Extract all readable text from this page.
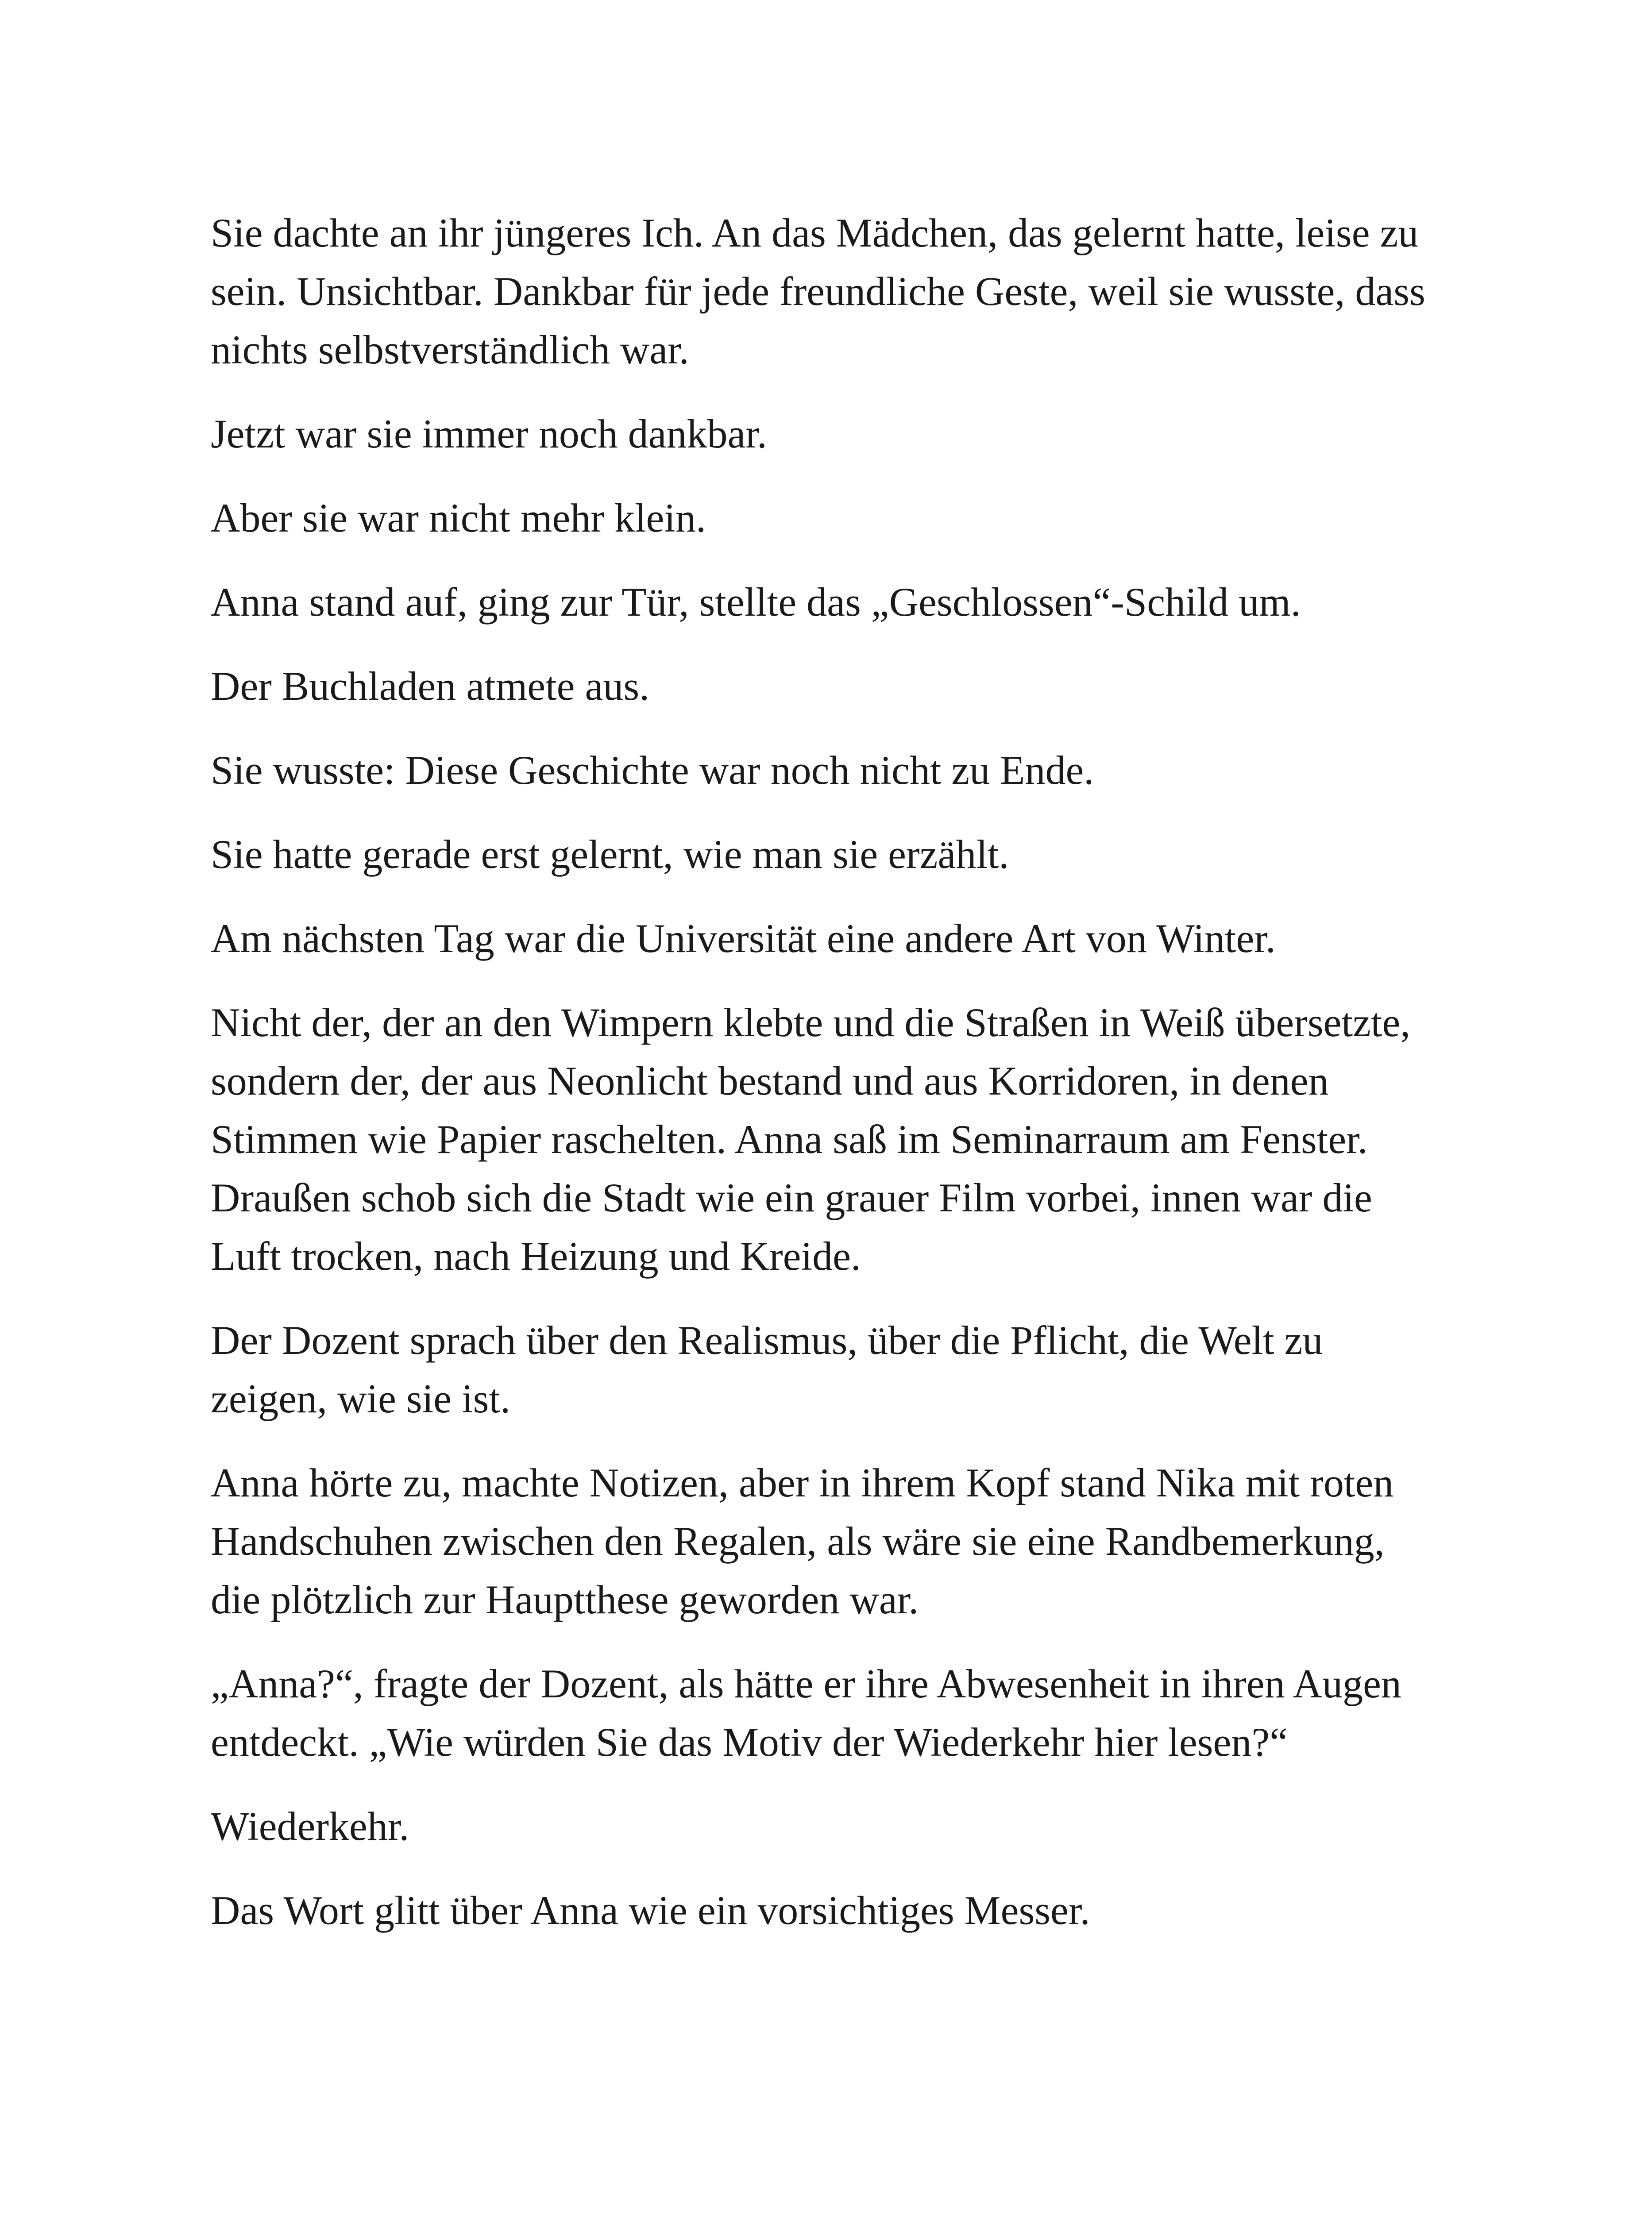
Sie dachte an ihr jüngeres Ich. An das Mädchen, das gelernt hatte, leise zu sein. Unsichtbar. Dankbar für jede freundliche Geste, weil sie wusste, dass nichts selbstverständlich war.

Jetzt war sie immer noch dankbar.

Aber sie war nicht mehr klein.

Anna stand auf, ging zur Tür, stellte das „Geschlossen“-Schild um.

Der Buchladen atmete aus.

Sie wusste: Diese Geschichte war noch nicht zu Ende.

Sie hatte gerade erst gelernt, wie man sie erzählt.

Am nächsten Tag war die Universität eine andere Art von Winter.

Nicht der, der an den Wimpern klebte und die Straßen in Weiß übersetzte, sondern der, der aus Neonlicht bestand und aus Korridoren, in denen Stimmen wie Papier raschelten. Anna saß im Seminarraum am Fenster. Draußen schob sich die Stadt wie ein grauer Film vorbei, innen war die Luft trocken, nach Heizung und Kreide.

Der Dozent sprach über den Realismus, über die Pflicht, die Welt zu zeigen, wie sie ist.

Anna hörte zu, machte Notizen, aber in ihrem Kopf stand Nika mit roten Handschuhen zwischen den Regalen, als wäre sie eine Randbemerkung, die plötzlich zur Hauptthese geworden war.

„Anna?“, fragte der Dozent, als hätte er ihre Abwesenheit in ihren Augen entdeckt. „Wie würden Sie das Motiv der Wiederkehr hier lesen?“

Wiederkehr.

Das Wort glitt über Anna wie ein vorsichtiges Messer.
